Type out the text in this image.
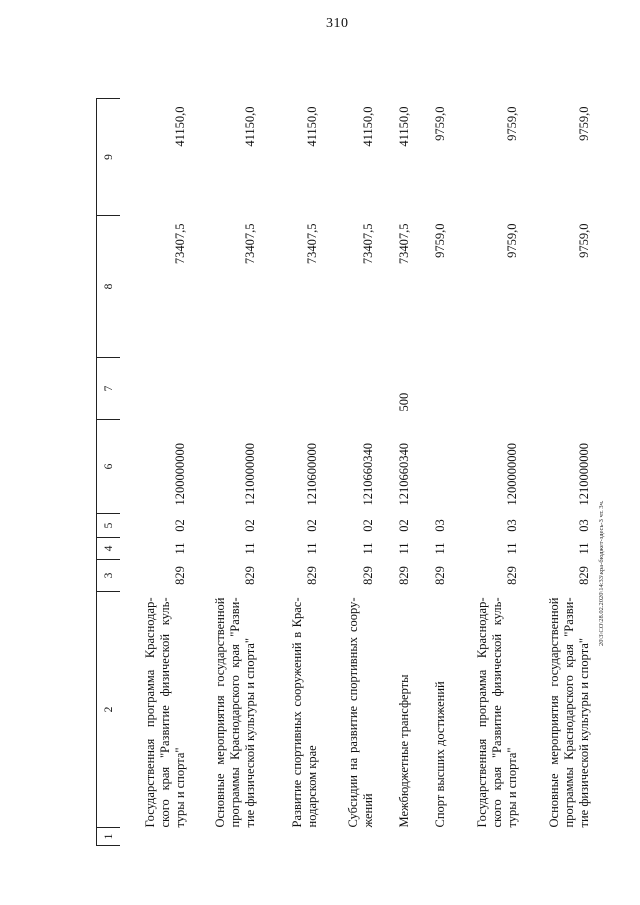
310
20\3\СО\28.02.2020\14:33\кра-бюджет-здесь-3 чт. 3ч.
1	2	3	4	5	6	7	8	9

	Государственная программа Краснодар- ского края "Развитие физической куль- туры и спорта"	829	11	02	1200000000		73407,5	41150,0

	Основные мероприятия государственной программы Краснодарского края "Разви- тие физической культуры и спорта"	829	11	02	1210000000		73407,5	41150,0

	Развитие спортивных сооружений в Крас- нодарском крае	829	11	02	1210600000		73407,5	41150,0

	Субсидии на развитие спортивных соору- жений	829	11	02	1210660340		73407,5	41150,0

	Межбюджетные трансферты	829	11	02	1210660340	500	73407,5	41150,0

	Спорт высших достижений	829	11	03			9759,0	9759,0

	Государственная программа Краснодар- ского края "Развитие физической куль- туры и спорта"	829	11	03	1200000000		9759,0	9759,0

	Основные мероприятия государственной программы Краснодарского края "Разви- тие физической культуры и спорта"	829	11	03	1210000000		9759,0	9759,0
